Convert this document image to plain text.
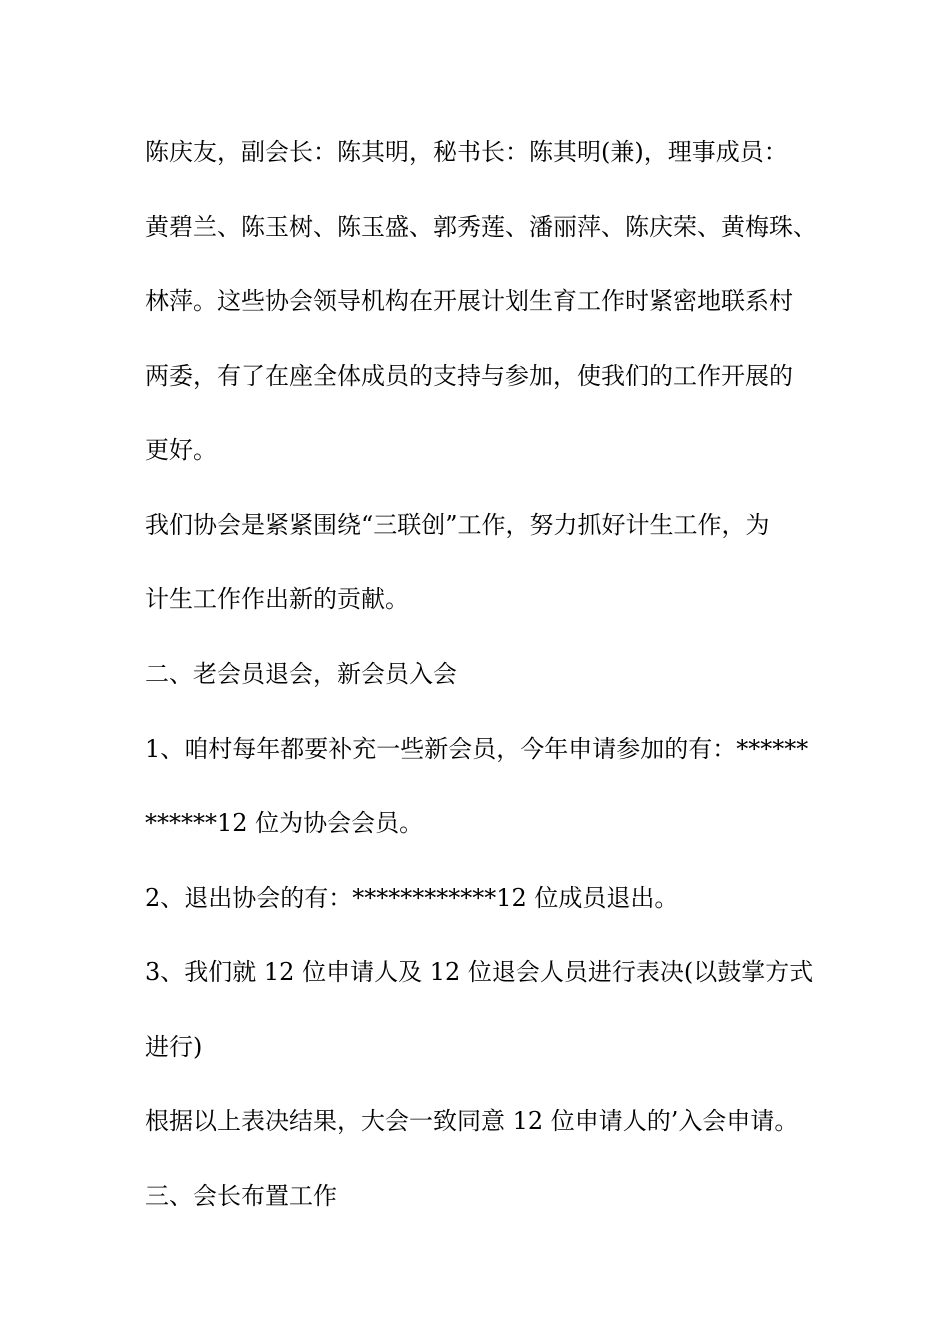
陈庆友，副会长：陈其明，秘书长：陈其明(兼)，理事成员：

黄碧兰、陈玉树、陈玉盛、郭秀莲、潘丽萍、陈庆荣、黄梅珠、

林萍。这些协会领导机构在开展计划生育工作时紧密地联系村

两委，有了在座全体成员的支持与参加，使我们的工作开展的

更好。

我们协会是紧紧围绕“三联创”工作，努力抓好计生工作，为

计生工作作出新的贡献。

二、老会员退会，新会员入会

1、咱村每年都要补充一些新会员，今年申请参加的有：******

******12 位为协会会员。

2、退出协会的有：************12 位成员退出。

3、我们就 12 位申请人及 12 位退会人员进行表决(以鼓掌方式

进行)

根据以上表决结果，大会一致同意 12 位申请人的’入会申请。

三、会长布置工作
